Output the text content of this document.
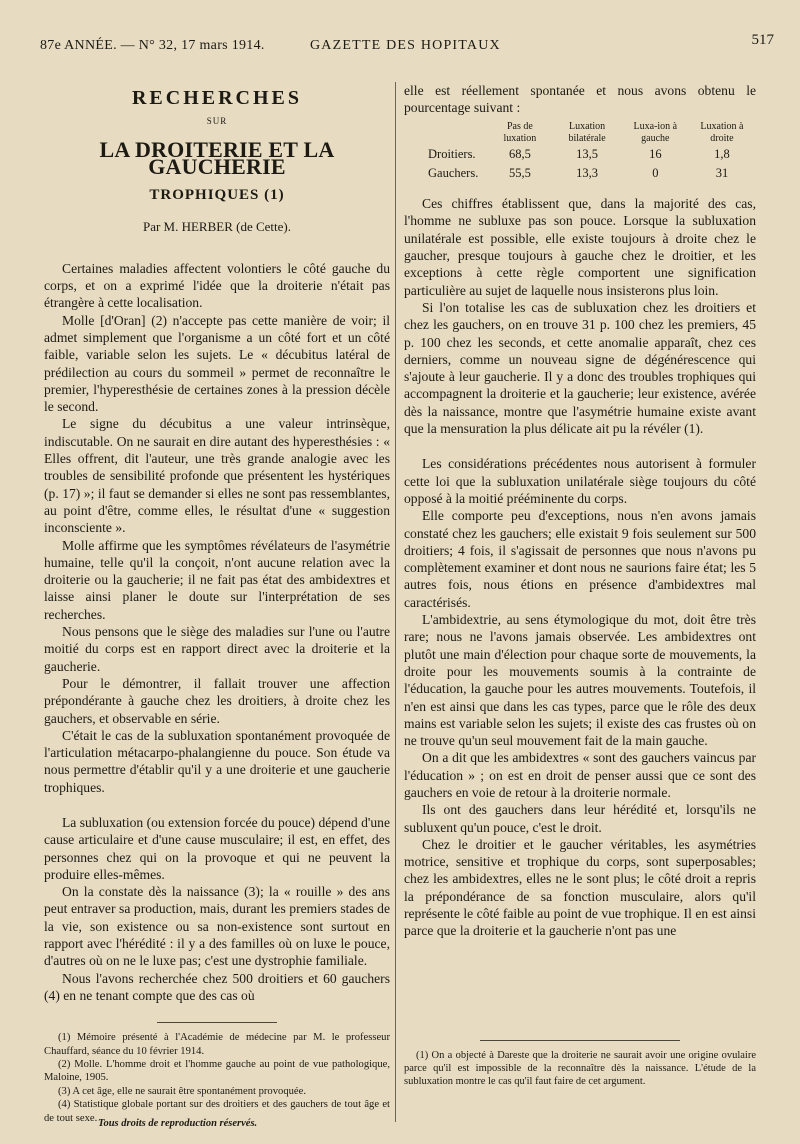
87e ANNÉE. — N° 32, 17 mars 1914.	GAZETTE DES HOPITAUX	517
RECHERCHES
SUR
LA DROITERIE ET LA GAUCHERIE
TROPHIQUES (1)
Par M. HERBER (de Cette).

Certaines maladies affectent volontiers le côté gauche du corps, et on a exprimé l'idée que la droiterie n'était pas étrangère à cette localisation.

Molle [d'Oran] (2) n'accepte pas cette manière de voir; il admet simplement que l'organisme a un côté fort et un côté faible, variable selon les sujets. Le « décubitus latéral de prédilection au cours du sommeil » permet de reconnaître le premier, l'hyperesthésie de certaines zones à la pression décèle le second.

Le signe du décubitus a une valeur intrinsèque, indiscutable. On ne saurait en dire autant des hyperesthésies : « Elles offrent, dit l'auteur, une très grande analogie avec les troubles de sensibilité profonde que présentent les hystériques (p. 17) »; il faut se demander si elles ne sont pas ressemblantes, au point d'être, comme elles, le résultat d'une « suggestion inconsciente ».

Molle affirme que les symptômes révélateurs de l'asymétrie humaine, telle qu'il la conçoit, n'ont aucune relation avec la droiterie ou la gaucherie; il ne fait pas état des ambidextres et laisse ainsi planer le doute sur l'interprétation de ses recherches.

Nous pensons que le siège des maladies sur l'une ou l'autre moitié du corps est en rapport direct avec la droiterie et la gaucherie.

Pour le démontrer, il fallait trouver une affection prépondérante à gauche chez les droitiers, à droite chez les gauchers, et observable en série.

C'était le cas de la subluxation spontanément provoquée de l'articulation métacarpo-phalangienne du pouce. Son étude va nous permettre d'établir qu'il y a une droiterie et une gaucherie trophiques.

La subluxation (ou extension forcée du pouce) dépend d'une cause articulaire et d'une cause musculaire; il est, en effet, des personnes chez qui on la provoque et qui ne peuvent la produire elles-mêmes.

On la constate dès la naissance (3); la « rouille » des ans peut entraver sa production, mais, durant les premiers stades de la vie, son existence ou sa non-existence sont surtout en rapport avec l'hérédité : il y a des familles où on luxe le pouce, d'autres où on ne le luxe pas; c'est une dystrophie familiale.

Nous l'avons recherchée chez 500 droitiers et 60 gauchers (4) en ne tenant compte que des cas où

(1) Mémoire présenté à l'Académie de médecine par M. le professeur Chauffard, séance du 10 février 1914.

(2) Molle. L'homme droit et l'homme gauche au point de vue pathologique, Maloine, 1905.

(3) A cet âge, elle ne saurait être spontanément provoquée.

(4) Statistique globale portant sur des droitiers et des gauchers de tout âge et de tout sexe. Tous droits de reproduction réservés.

elle est réellement spontanée et nous avons obtenu le pourcentage suivant :

	Pas de luxation	Luxation bilatérale	Luxa-ion à gauche	Luxation à droite
Droitiers.	68,5	13,5	16	1,8
Gauchers.	55,5	13,3	0	31

Ces chiffres établissent que, dans la majorité des cas, l'homme ne subluxe pas son pouce. Lorsque la subluxation unilatérale est possible, elle existe toujours à droite chez le gaucher, presque toujours à gauche chez le droitier, et les exceptions à cette règle comportent une signification particulière au sujet de laquelle nous insisterons plus loin.

Si l'on totalise les cas de subluxation chez les droitiers et chez les gauchers, on en trouve 31 p. 100 chez les premiers, 45 p. 100 chez les seconds, et cette anomalie apparaît, chez ces derniers, comme un nouveau signe de dégénérescence qui s'ajoute à leur gaucherie. Il y a donc des troubles trophiques qui accompagnent la droiterie et la gaucherie; leur existence, avérée dès la naissance, montre que l'asymétrie humaine existe avant que la mensuration la plus délicate ait pu la révéler (1).

Les considérations précédentes nous autorisent à formuler cette loi que la subluxation unilatérale siège toujours du côté opposé à la moitié prééminente du corps.

Elle comporte peu d'exceptions, nous n'en avons jamais constaté chez les gauchers; elle existait 9 fois seulement sur 500 droitiers; 4 fois, il s'agissait de personnes que nous n'avons pu complètement examiner et dont nous ne saurions faire état; les 5 autres fois, nous étions en présence d'ambidextres mal caractérisés.

L'ambidextrie, au sens étymologique du mot, doit être très rare; nous ne l'avons jamais observée. Les ambidextres ont plutôt une main d'élection pour chaque sorte de mouvements, la droite pour les mouvements soumis à la contrainte de l'éducation, la gauche pour les autres mouvements. Toutefois, il n'en est ainsi que dans les cas types, parce que le rôle des deux mains est variable selon les sujets; il existe des cas frustes où on ne trouve qu'un seul mouvement fait de la main gauche.

On a dit que les ambidextres « sont des gauchers vaincus par l'éducation » ; on est en droit de penser aussi que ce sont des gauchers en voie de retour à la droiterie normale.

Ils ont des gauchers dans leur hérédité et, lorsqu'ils ne subluxent qu'un pouce, c'est le droit.

Chez le droitier et le gaucher véritables, les asymétries motrice, sensitive et trophique du corps, sont superposables; chez les ambidextres, elles ne le sont plus; le côté droit a repris la prépondérance de sa fonction musculaire, alors qu'il représente le côté faible au point de vue trophique. Il en est ainsi parce que la droiterie et la gaucherie n'ont pas une

(1) On a objecté à Dareste que la droiterie ne saurait avoir une origine ovulaire parce qu'il est impossible de la reconnaître dès la naissance. L'étude de la subluxation montre le cas qu'il faut faire de cet argument.
